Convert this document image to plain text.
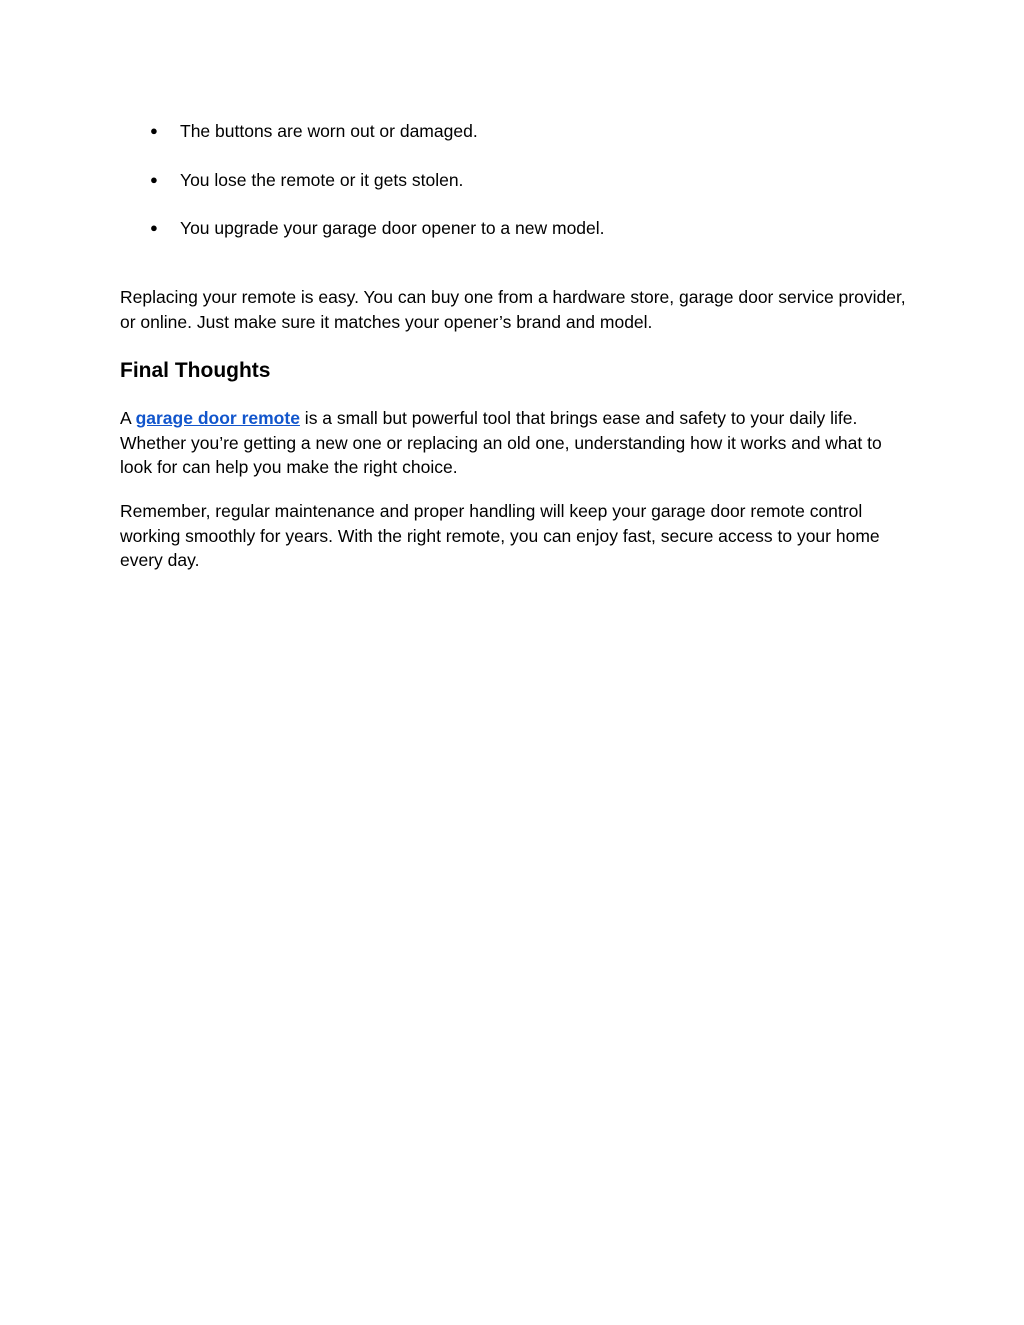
●	The buttons are worn out or damaged.
●	You lose the remote or it gets stolen.
●	You upgrade your garage door opener to a new model.

Replacing your remote is easy. You can buy one from a hardware store, garage door service provider, or online. Just make sure it matches your opener’s brand and model.

Final Thoughts

A garage door remote is a small but powerful tool that brings ease and safety to your daily life. Whether you’re getting a new one or replacing an old one, understanding how it works and what to look for can help you make the right choice.

Remember, regular maintenance and proper handling will keep your garage door remote control working smoothly for years. With the right remote, you can enjoy fast, secure access to your home every day.
